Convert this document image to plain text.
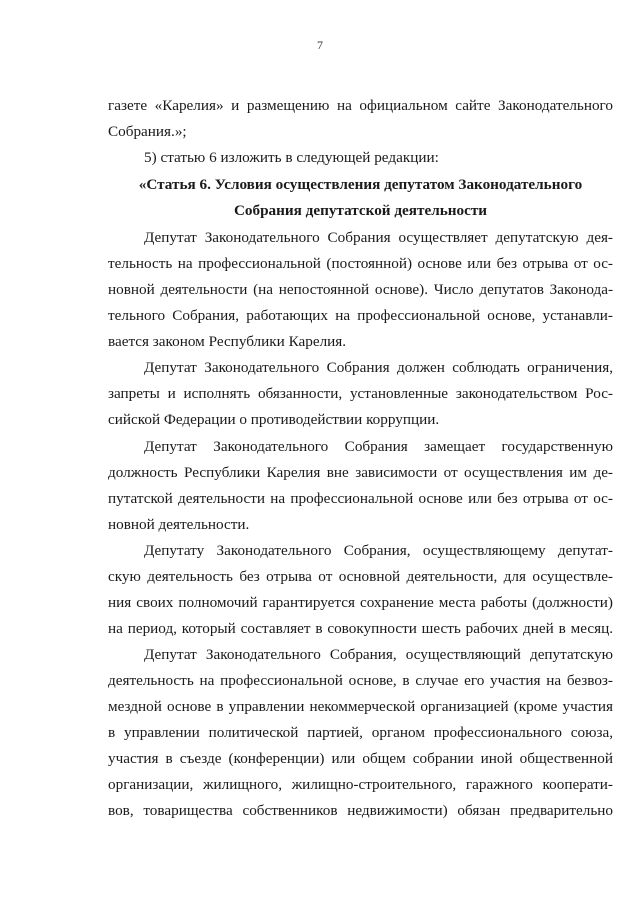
7
газете «Карелия» и размещению на официальном сайте Законодательного
Собрания.»;
5) статью 6 изложить в следующей редакции:
«Статья 6. Условия осуществления депутатом Законодательного
Собрания депутатской деятельности
Депутат Законодательного Собрания осуществляет депутатскую дея-
тельность на профессиональной (постоянной) основе или без отрыва от ос-
новной деятельности (на непостоянной основе). Число депутатов Законода-
тельного Собрания, работающих на профессиональной основе, устанавли-
вается законом Республики Карелия.
Депутат Законодательного Собрания должен соблюдать ограничения,
запреты и исполнять обязанности, установленные законодательством Рос-
сийской Федерации о противодействии коррупции.
Депутат Законодательного Собрания замещает государственную
должность Республики Карелия вне зависимости от осуществления им де-
путатской деятельности на профессиональной основе или без отрыва от ос-
новной деятельности.
Депутату Законодательного Собрания, осуществляющему депутат-
скую деятельность без отрыва от основной деятельности, для осуществле-
ния своих полномочий гарантируется сохранение места работы (должности)
на период, который составляет в совокупности шесть рабочих дней в месяц.
Депутат Законодательного Собрания, осуществляющий депутатскую
деятельность на профессиональной основе, в случае его участия на безвоз-
мездной основе в управлении некоммерческой организацией (кроме участия
в управлении политической партией, органом профессионального союза,
участия в съезде (конференции) или общем собрании иной общественной
организации, жилищного, жилищно-строительного, гаражного кооперати-
вов, товарищества собственников недвижимости) обязан предварительно
